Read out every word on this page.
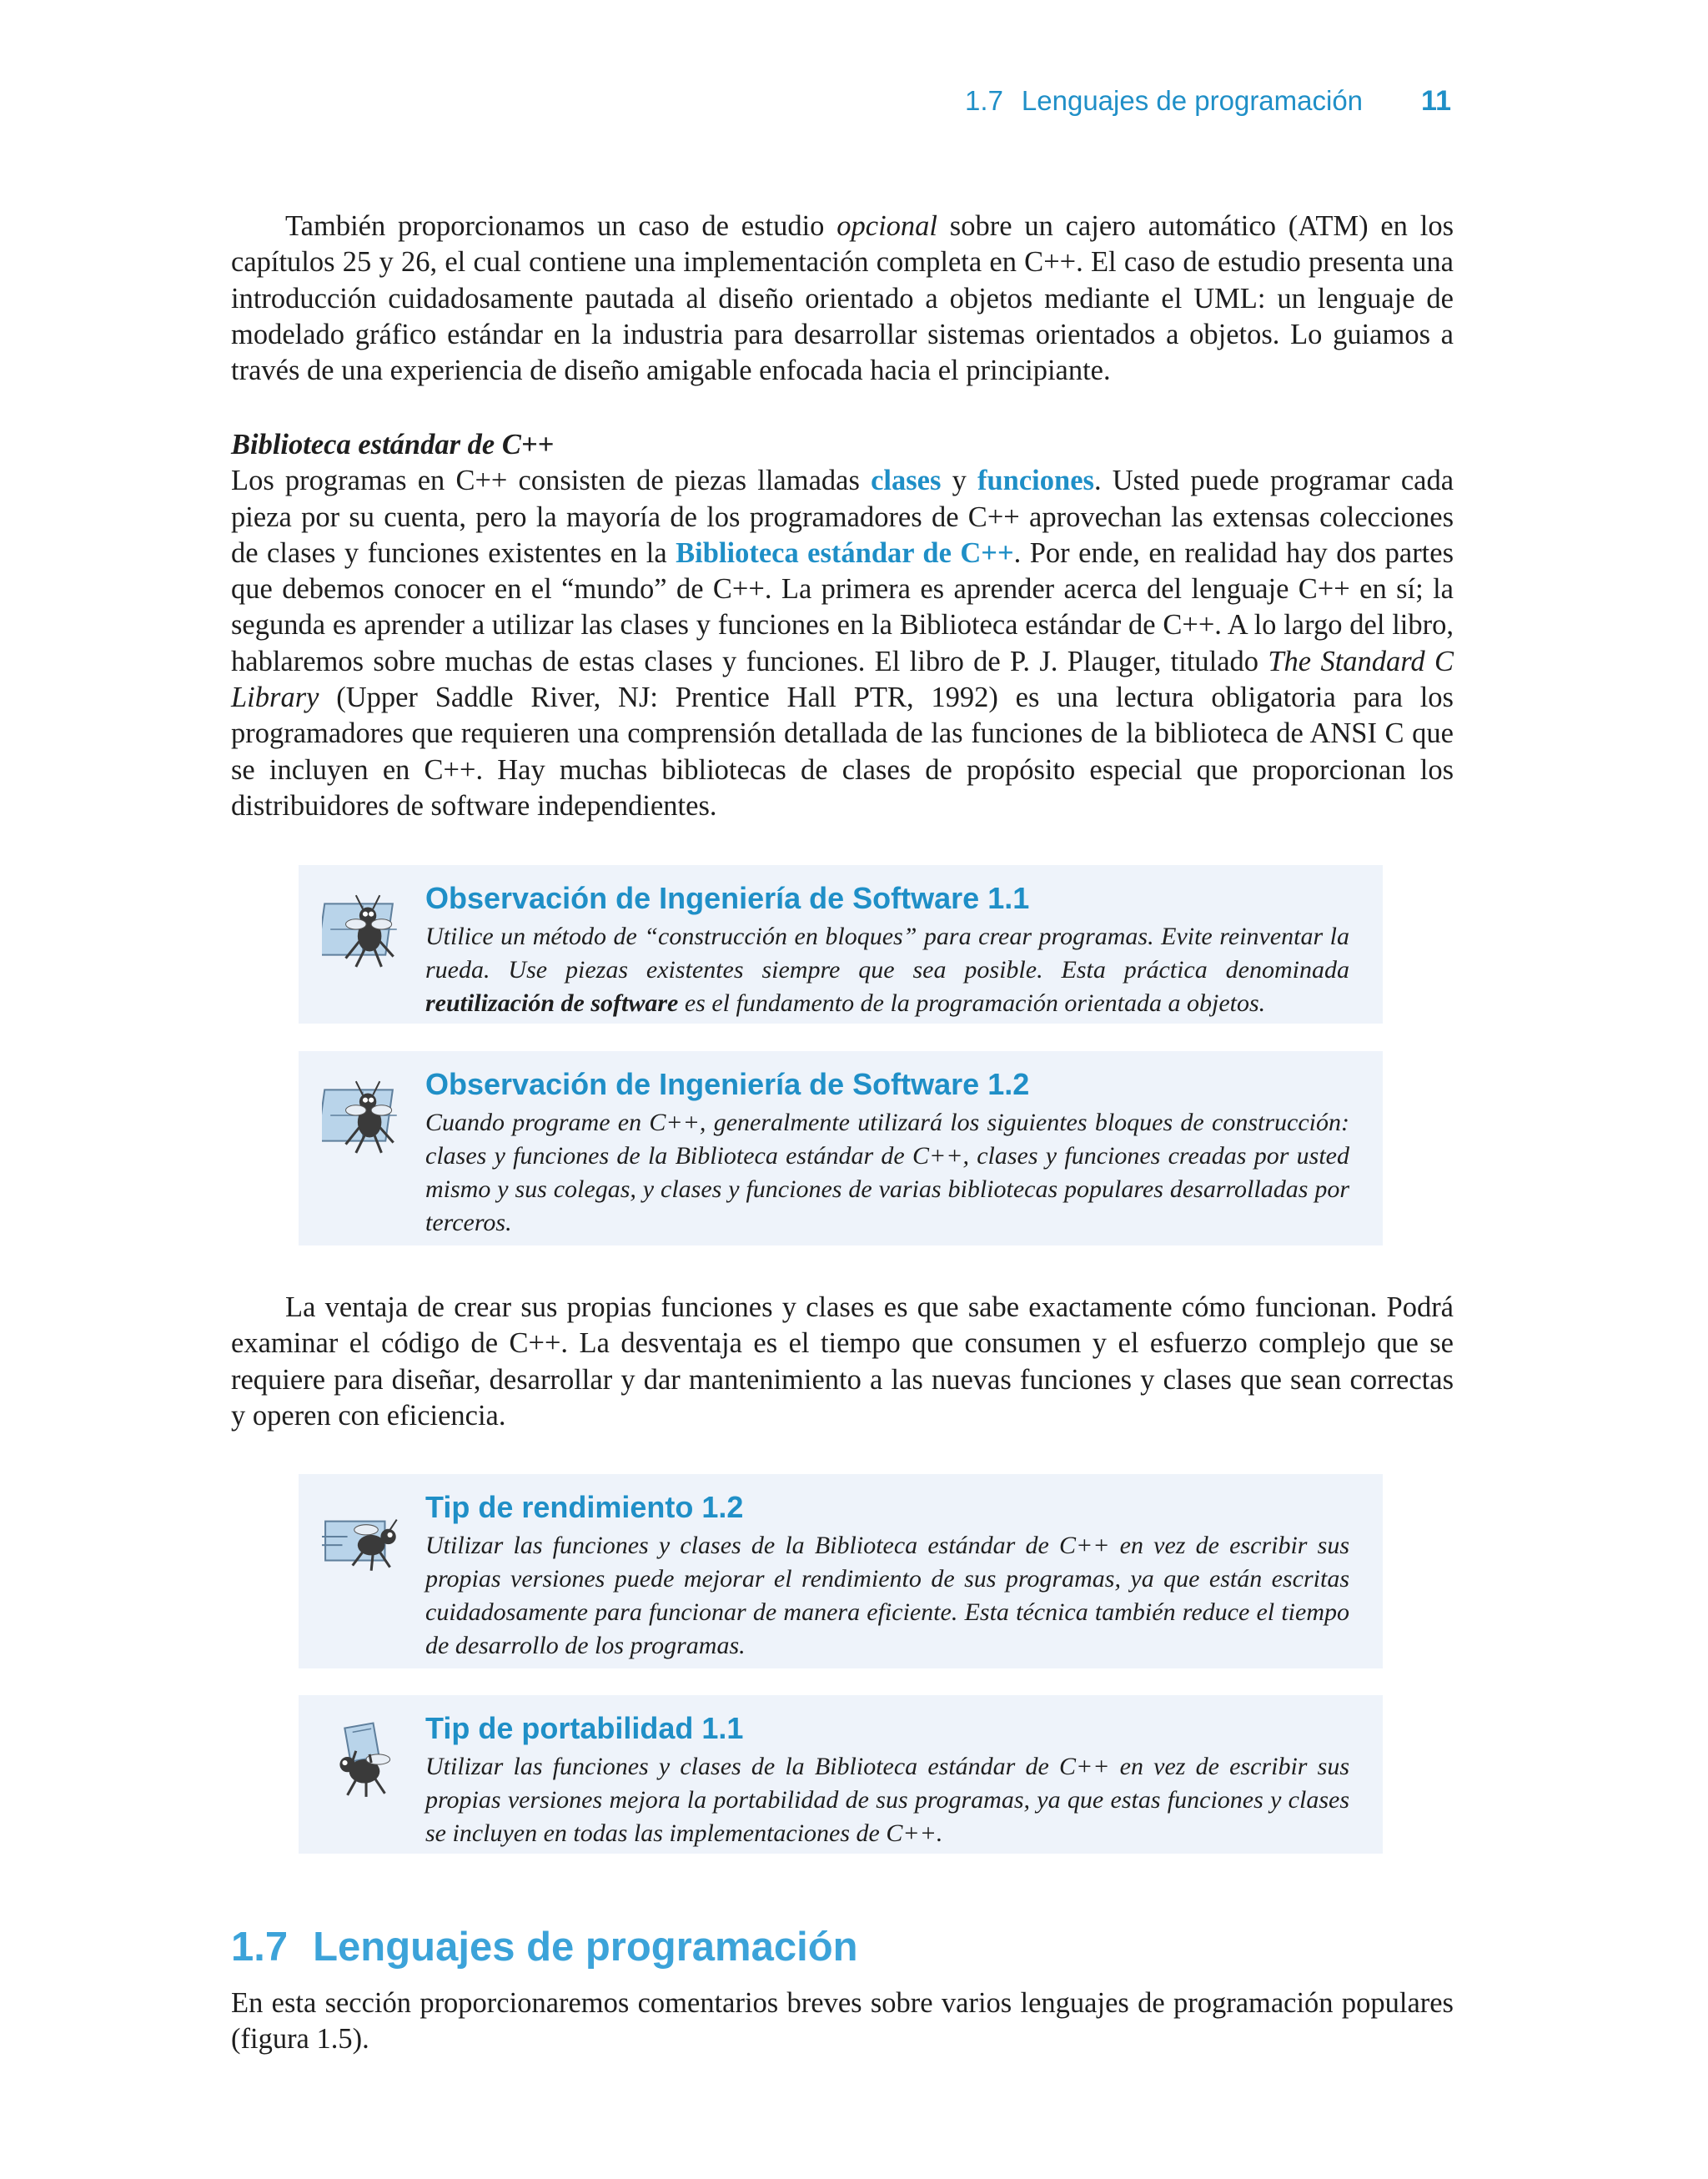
1.7 Lenguajes de programación 11

También proporcionamos un caso de estudio opcional sobre un cajero automático (ATM) en los capítulos 25 y 26, el cual contiene una implementación completa en C++. El caso de estudio presenta una introducción cuidadosamente pautada al diseño orientado a objetos mediante el UML: un lenguaje de modelado gráfico estándar en la industria para desarrollar sistemas orientados a objetos. Lo guiamos a través de una experiencia de diseño amigable enfocada hacia el principiante.

Biblioteca estándar de C++

Los programas en C++ consisten de piezas llamadas clases y funciones. Usted puede programar cada pieza por su cuenta, pero la mayoría de los programadores de C++ aprovechan las extensas colecciones de clases y funciones existentes en la Biblioteca estándar de C++. Por ende, en realidad hay dos partes que debemos conocer en el “mundo” de C++. La primera es aprender acerca del lenguaje C++ en sí; la segunda es aprender a utilizar las clases y funciones en la Biblioteca estándar de C++. A lo largo del libro, hablaremos sobre muchas de estas clases y funciones. El libro de P. J. Plauger, titulado The Standard C Library (Upper Saddle River, NJ: Prentice Hall PTR, 1992) es una lectura obligatoria para los programadores que requieren una comprensión detallada de las funciones de la biblioteca de ANSI C que se incluyen en C++. Hay muchas bibliotecas de clases de propósito especial que proporcionan los distribuidores de software independientes.

Observación de Ingeniería de Software 1.1

Utilice un método de “construcción en bloques” para crear programas. Evite reinventar la rueda. Use piezas existentes siempre que sea posible. Esta práctica denominada reutilización de software es el fundamento de la programación orientada a objetos.

Observación de Ingeniería de Software 1.2

Cuando programe en C++, generalmente utilizará los siguientes bloques de construcción: clases y funciones de la Biblioteca estándar de C++, clases y funciones creadas por usted mismo y sus colegas, y clases y funciones de varias bibliotecas populares desarrolladas por terceros.

La ventaja de crear sus propias funciones y clases es que sabe exactamente cómo funcionan. Podrá examinar el código de C++. La desventaja es el tiempo que consumen y el esfuerzo complejo que se requiere para diseñar, desarrollar y dar mantenimiento a las nuevas funciones y clases que sean correctas y operen con eficiencia.

Tip de rendimiento 1.2

Utilizar las funciones y clases de la Biblioteca estándar de C++ en vez de escribir sus propias versiones puede mejorar el rendimiento de sus programas, ya que están escritas cuidadosamente para funcionar de manera eficiente. Esta técnica también reduce el tiempo de desarrollo de los programas.

Tip de portabilidad 1.1

Utilizar las funciones y clases de la Biblioteca estándar de C++ en vez de escribir sus propias versiones mejora la portabilidad de sus programas, ya que estas funciones y clases se incluyen en todas las implementaciones de C++.

1.7 Lenguajes de programación

En esta sección proporcionaremos comentarios breves sobre varios lenguajes de programación populares (figura 1.5).
